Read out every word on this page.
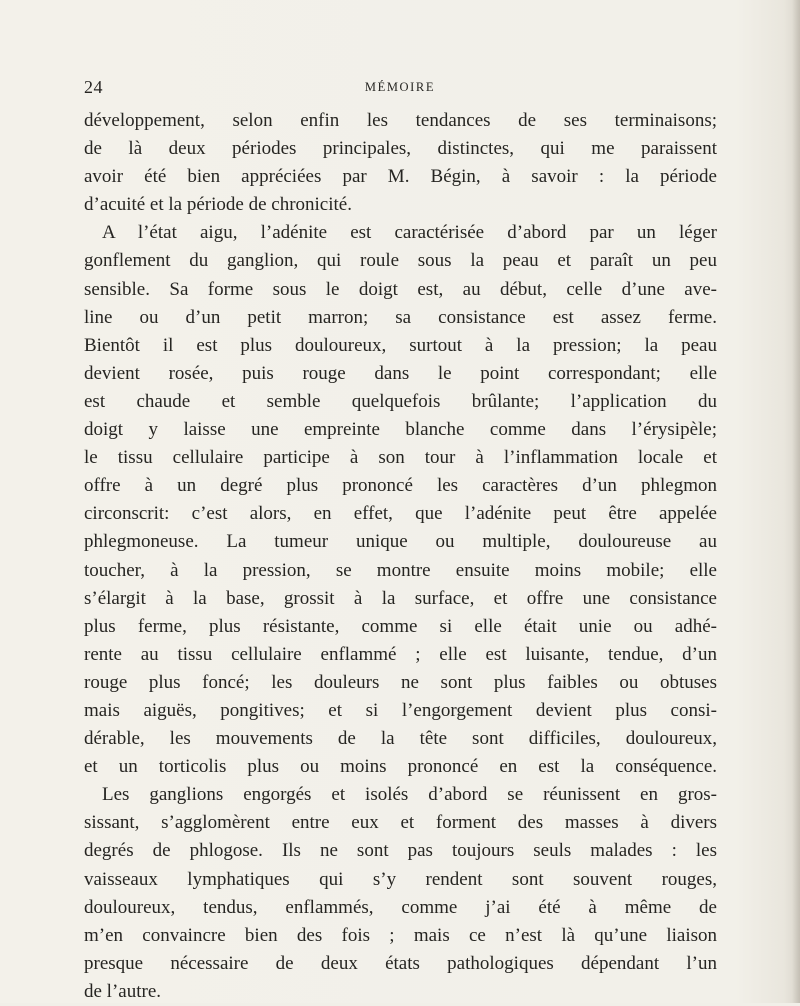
24	MÉMOIRE
développement, selon enfin les tendances de ses terminaisons;
de là deux périodes principales, distinctes, qui me paraissent
avoir été bien appréciées par M. Bégin, à savoir : la période
d’acuité et la période de chronicité.
A l’état aigu, l’adénite est caractérisée d’abord par un léger
gonflement du ganglion, qui roule sous la peau et paraît un peu
sensible. Sa forme sous le doigt est, au début, celle d’une ave-
line ou d’un petit marron; sa consistance est assez ferme.
Bientôt il est plus douloureux, surtout à la pression; la peau
devient rosée, puis rouge dans le point correspondant; elle
est chaude et semble quelquefois brûlante; l’application du
doigt y laisse une empreinte blanche comme dans l’érysipèle;
le tissu cellulaire participe à son tour à l’inflammation locale et
offre à un degré plus prononcé les caractères d’un phlegmon
circonscrit: c’est alors, en effet, que l’adénite peut être appelée
phlegmoneuse. La tumeur unique ou multiple, douloureuse au
toucher, à la pression, se montre ensuite moins mobile; elle
s’élargit à la base, grossit à la surface, et offre une consistance
plus ferme, plus résistante, comme si elle était unie ou adhé-
rente au tissu cellulaire enflammé ; elle est luisante, tendue, d’un
rouge plus foncé; les douleurs ne sont plus faibles ou obtuses
mais aiguës, pongitives; et si l’engorgement devient plus consi-
dérable, les mouvements de la tête sont difficiles, douloureux,
et un torticolis plus ou moins prononcé en est la conséquence.
Les ganglions engorgés et isolés d’abord se réunissent en gros-
sissant, s’agglomèrent entre eux et forment des masses à divers
degrés de phlogose. Ils ne sont pas toujours seuls malades : les
vaisseaux lymphatiques qui s’y rendent sont souvent rouges,
douloureux, tendus, enflammés, comme j’ai été à même de
m’en convaincre bien des fois ; mais ce n’est là qu’une liaison
presque nécessaire de deux états pathologiques dépendant l’un
de l’autre.
